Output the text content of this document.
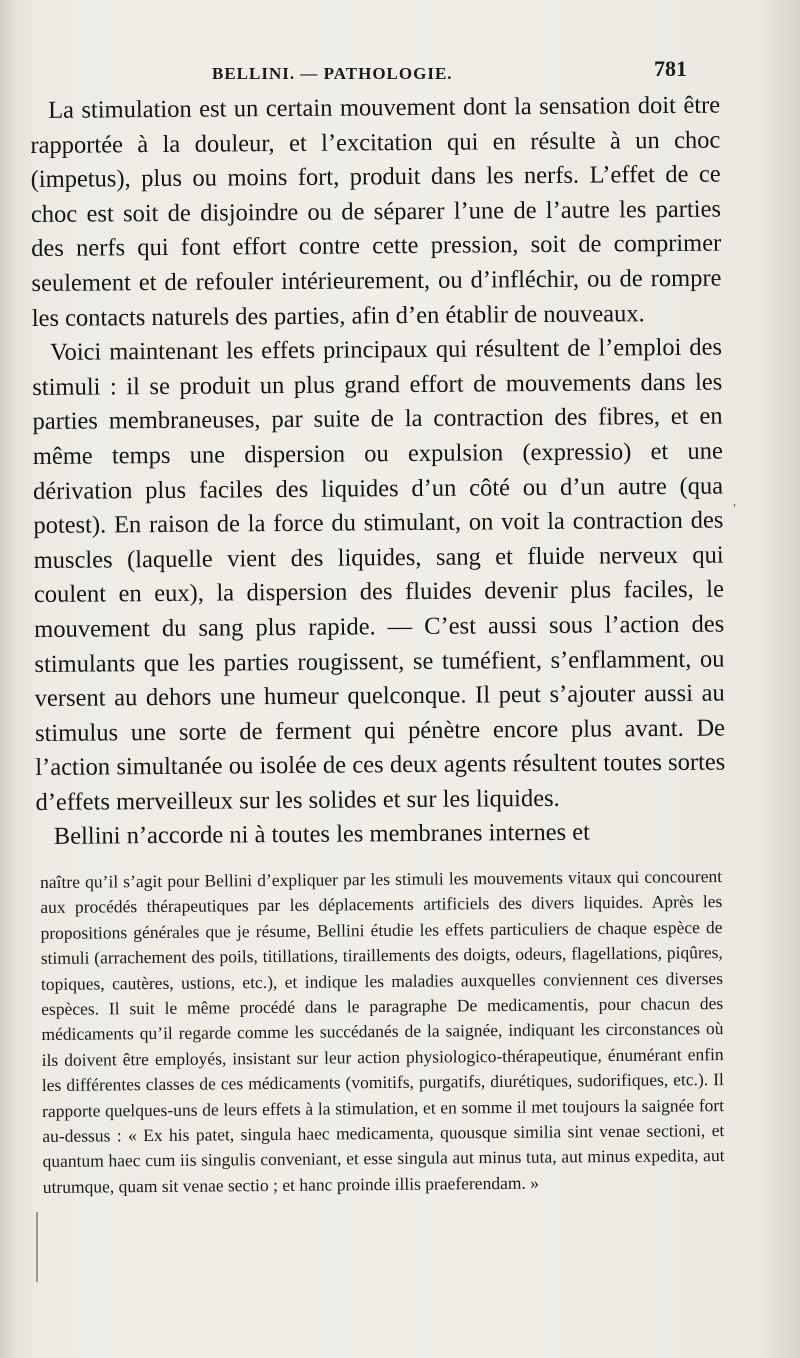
BELLINI. — PATHOLOGIE.	781

La stimulation est un certain mouvement dont la sensation doit être rapportée à la douleur, et l’excitation qui en résulte à un choc (impetus), plus ou moins fort, produit dans les nerfs. L’effet de ce choc est soit de disjoindre ou de séparer l’une de l’autre les parties des nerfs qui font effort contre cette pression, soit de comprimer seulement et de refouler intérieurement, ou d’infléchir, ou de rompre les contacts naturels des parties, afin d’en établir de nouveaux.

Voici maintenant les effets principaux qui résultent de l’emploi des stimuli : il se produit un plus grand effort de mouvements dans les parties membraneuses, par suite de la contraction des fibres, et en même temps une dispersion ou expulsion (expressio) et une dérivation plus faciles des liquides d’un côté ou d’un autre (qua potest). En raison de la force du stimulant, on voit la contraction des muscles (laquelle vient des liquides, sang et fluide nerveux qui coulent en eux), la dispersion des fluides devenir plus faciles, le mouvement du sang plus rapide. — C’est aussi sous l’action des stimulants que les parties rougissent, se tuméfient, s’enflamment, ou versent au dehors une humeur quelconque. Il peut s’ajouter aussi au stimulus une sorte de ferment qui pénètre encore plus avant. De l’action simultanée ou isolée de ces deux agents résultent toutes sortes d’effets merveilleux sur les solides et sur les liquides.

Bellini n’accorde ni à toutes les membranes internes et

naître qu’il s’agit pour Bellini d’expliquer par les stimuli les mouvements vitaux qui concourent aux procédés thérapeutiques par les déplacements artificiels des divers liquides. Après les propositions générales que je résume, Bellini étudie les effets particuliers de chaque espèce de stimuli (arrachement des poils, titillations, tiraillements des doigts, odeurs, flagellations, piqûres, topiques, cautères, ustions, etc.), et indique les maladies auxquelles conviennent ces diverses espèces. Il suit le même procédé dans le paragraphe De medicamentis, pour chacun des médicaments qu’il regarde comme les succédanés de la saignée, indiquant les circonstances où ils doivent être employés, insistant sur leur action physiologico-thérapeutique, énumérant enfin les différentes classes de ces médicaments (vomitifs, purgatifs, diurétiques, sudorifiques, etc.). Il rapporte quelques-uns de leurs effets à la stimulation, et en somme il met toujours la saignée fort au-dessus : « Ex his patet, singula haec medicamenta, quousque similia sint venae sectioni, et quantum haec cum iis singulis conveniant, et esse singula aut minus tuta, aut minus expedita, aut utrumque, quam sit venae sectio ; et hanc proinde illis praeferendam. »

,
